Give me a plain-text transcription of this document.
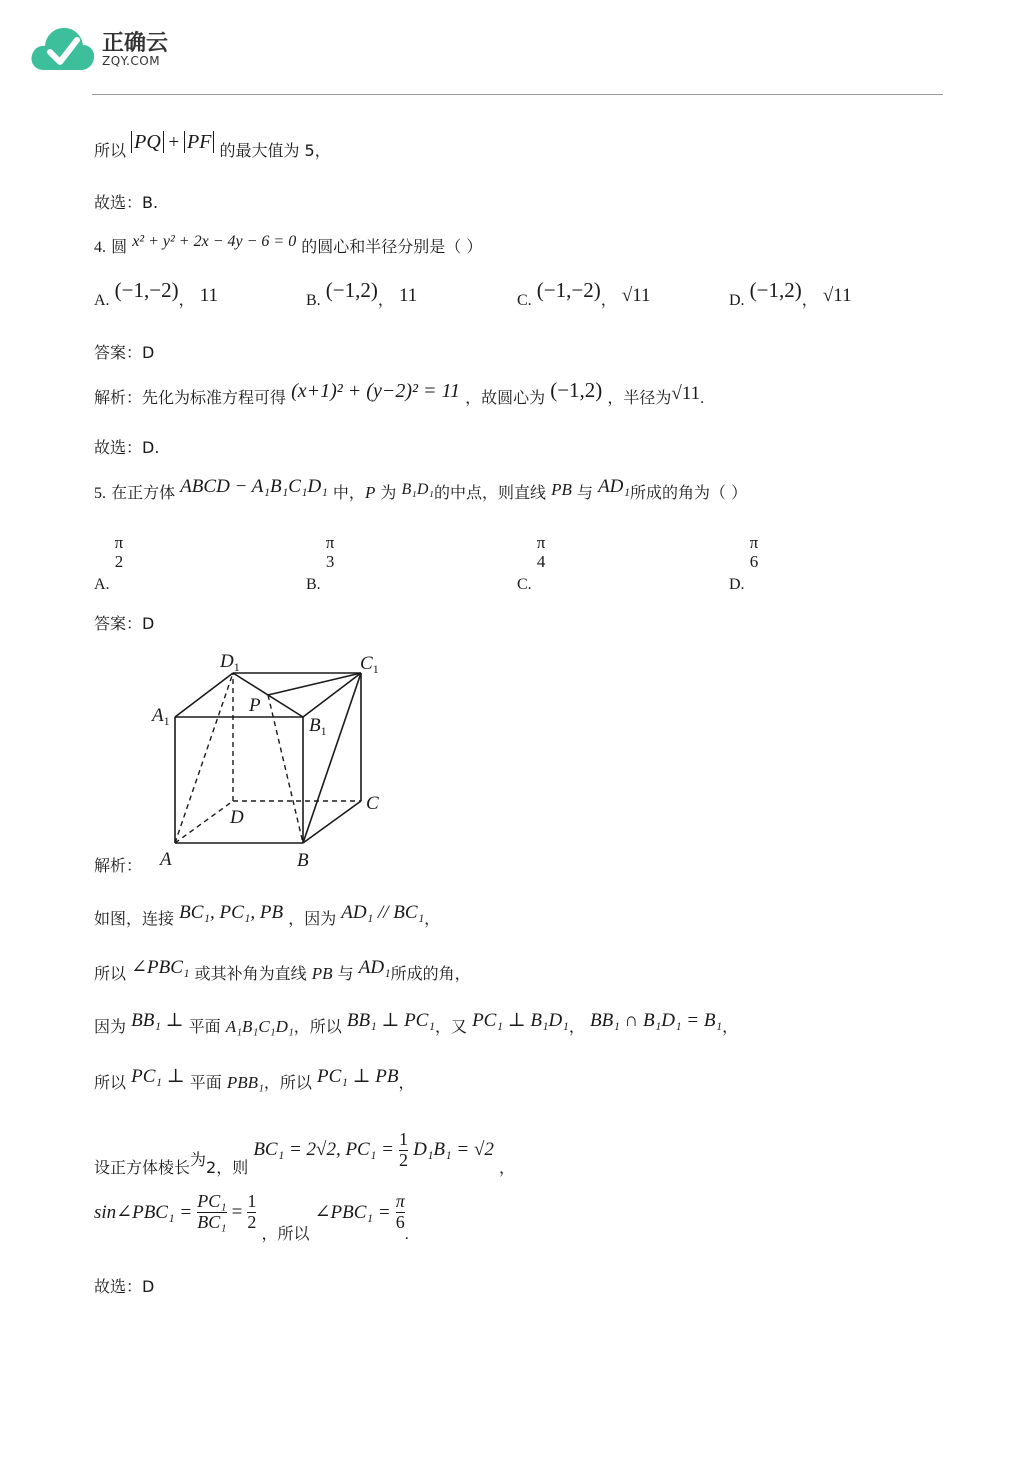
正确云
ZQY.COM
所以 PQ + PF 的最大值为 5，
故选：B.
4. 圆 x² + y² + 2x − 4y − 6 = 0 的圆心和半径分别是（ ）
A. (−1,−2)， 11	B. (−1,2)， 11	C. (−1,−2)， √11	D. (−1,2)， √11
答案：D
解析：先化为标准方程可得 (x+1)² + (y−2)² = 11 ，故圆心为 (−1,2) ，半径为√11.
故选：D.
5. 在正方体 ABCD − A₁B₁C₁D₁ 中，P 为 B₁D₁的中点，则直线 PB 与 AD₁所成的角为（ ）
A.
π
2
B.
π
3
C.
π
4
D.
π
6
答案：D
$D_1$	$C_1$
$A_1$	$B_1$
P
C
D
A	B
解析：
如图，连接 BC₁, PC₁, PB ，因为 AD₁ // BC₁，
所以 ∠PBC₁ 或其补角为直线 PB 与 AD₁所成的角，
因为 BB₁ ⊥ 平面 A₁B₁C₁D₁，所以 BB₁ ⊥ PC₁，又 PC₁ ⊥ B₁D₁， BB₁ ∩ B₁D₁ = B₁，
所以 PC₁ ⊥ 平面 PBB₁，所以 PC₁ ⊥ PB，
设正方体棱长为2，则 BC₁ = 2√2, $PC_1 = \frac{1}{2} D_1B_1 = √2$ ，
sin∠PBC₁ = $\frac{\text{PC₁}}{\text{BC₁}} = \frac{1}{2}$
，所以 ∠PBC₁ = $\frac{\pi}{6}$
.
故选：D
